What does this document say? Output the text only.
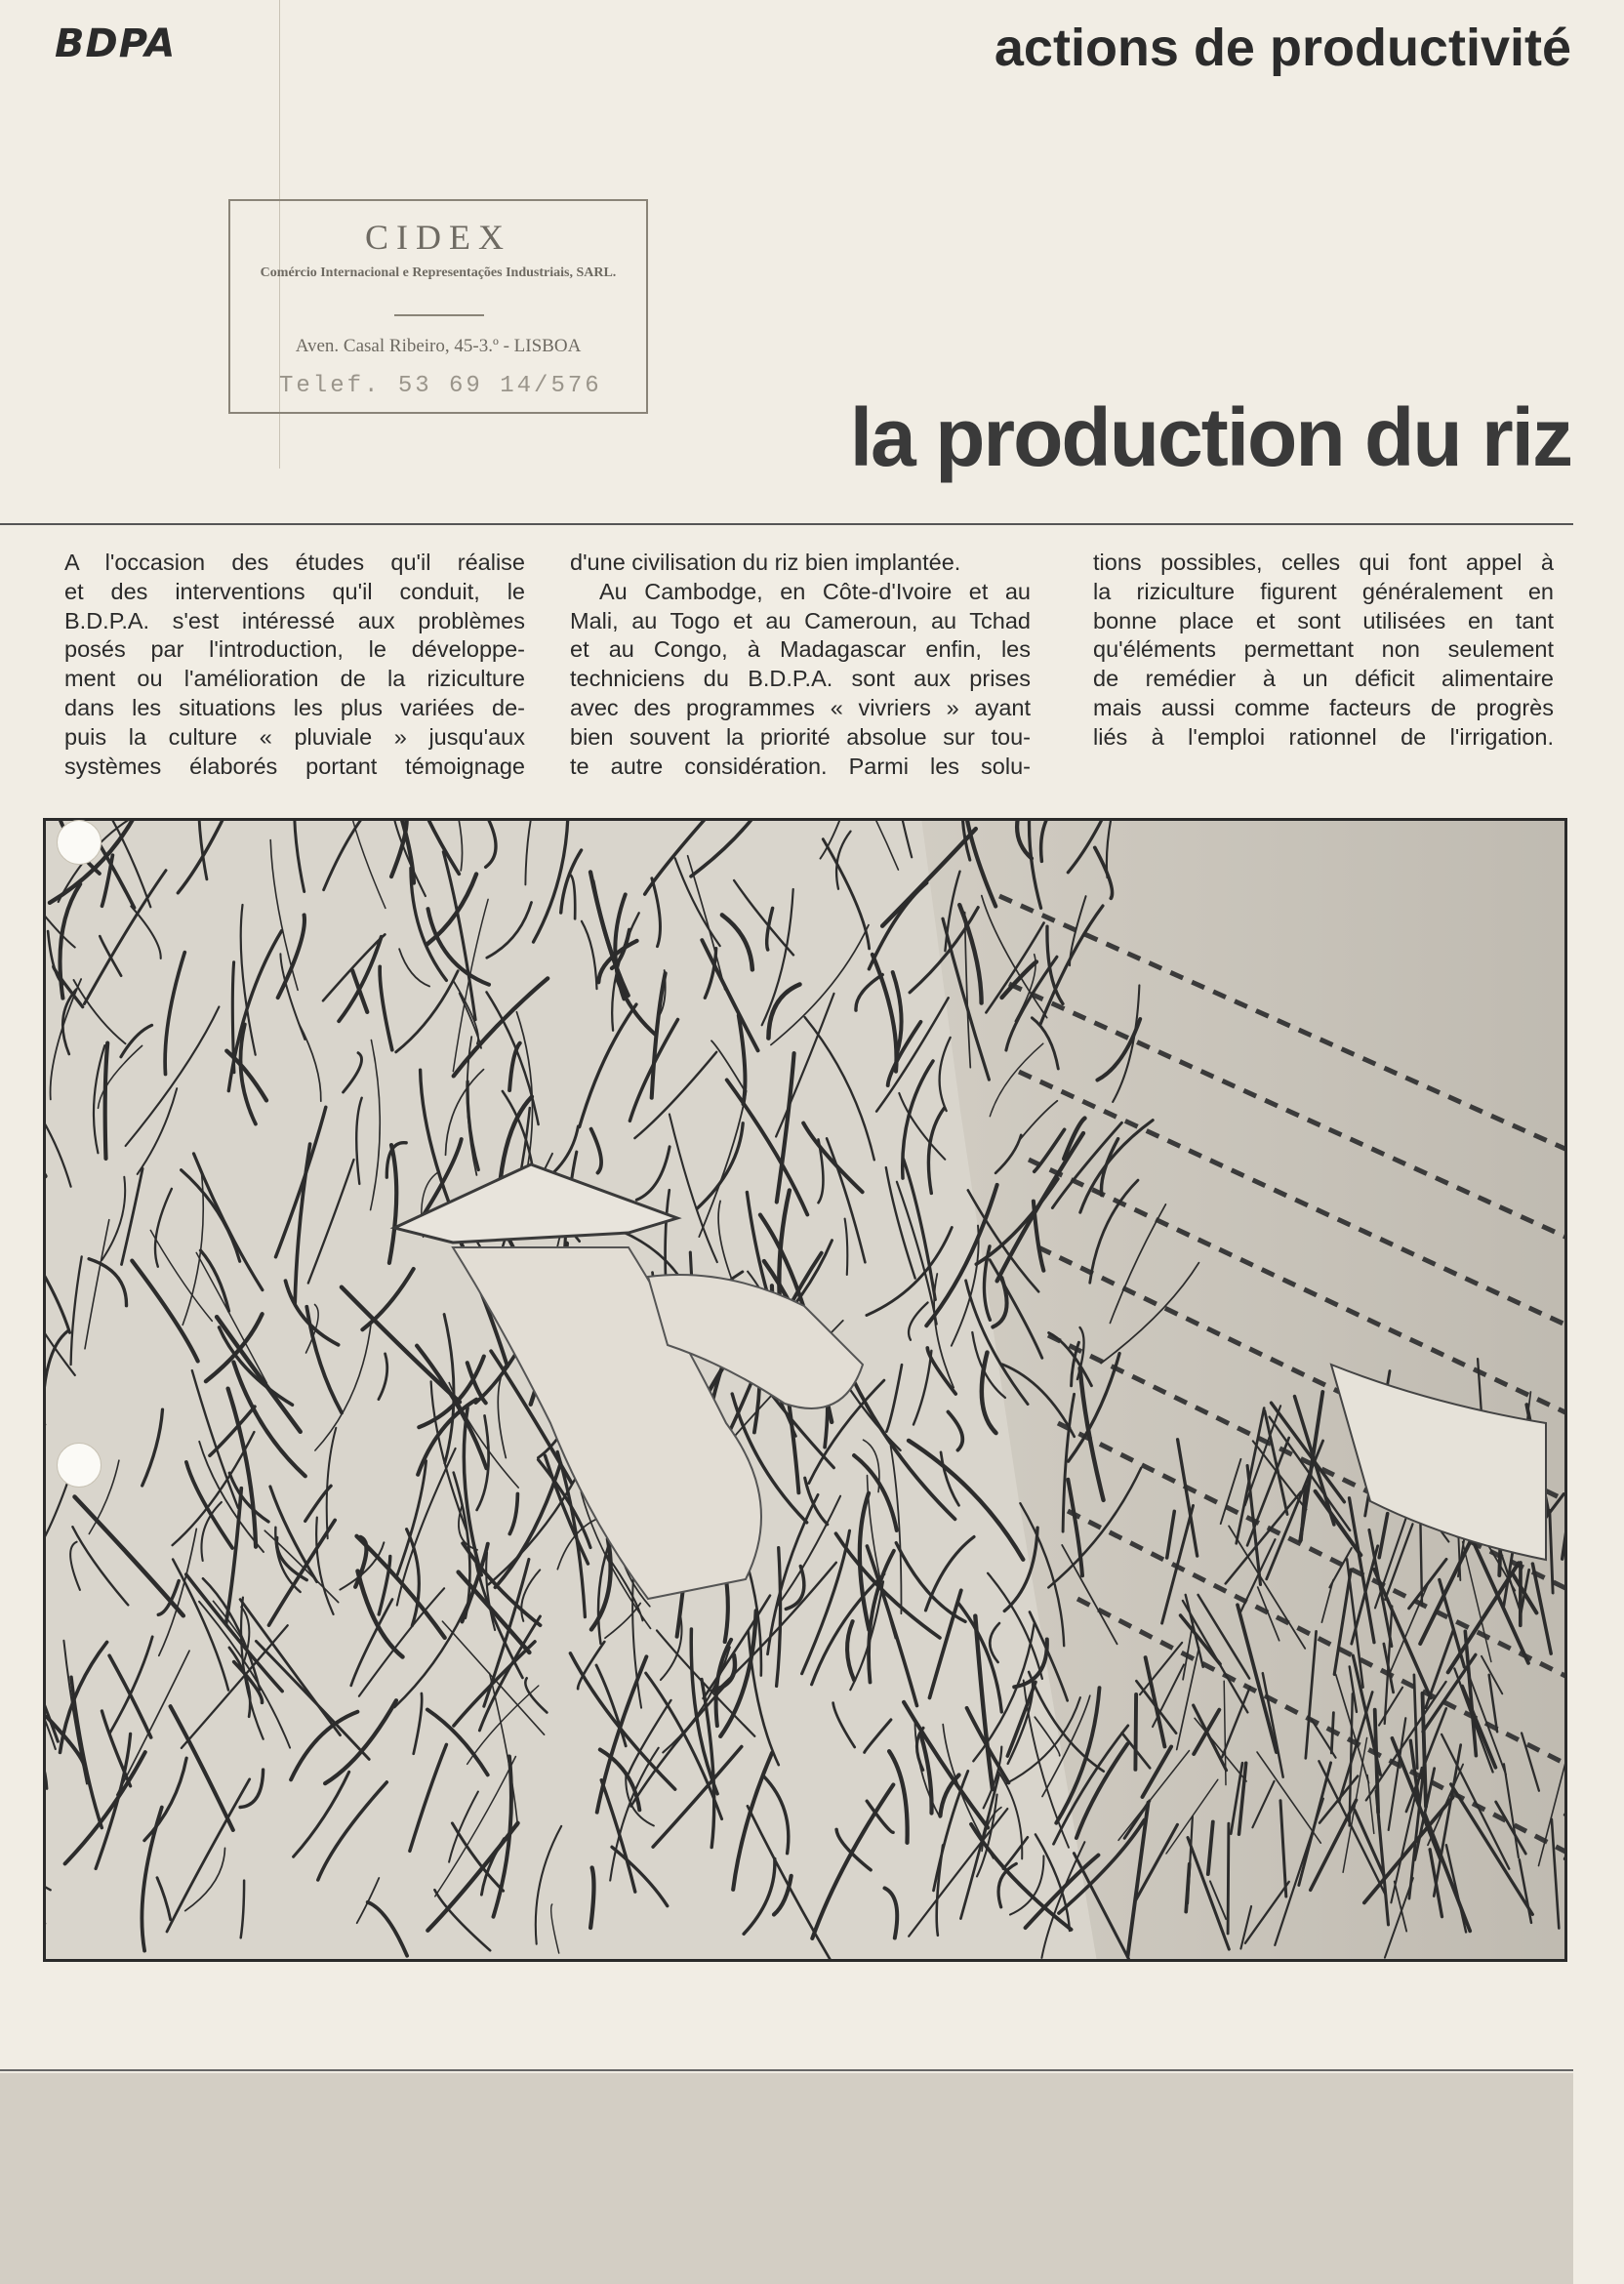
BDPA	actions de productivité
CIDEX
Comércio Internacional e Representações Industriais, SARL.
Aven. Casal Ribeiro, 45-3.º - LISBOA
Telef. 53 69 14/576
la production du riz

A l'occasion des études qu'il réalise

et des interventions qu'il conduit, le

B.D.P.A. s'est intéressé aux problèmes

posés par l'introduction, le développe-

ment ou l'amélioration de la riziculture

dans les situations les plus variées de-

puis la culture « pluviale » jusqu'aux

systèmes élaborés portant témoignage

d'une civilisation du riz bien implantée.

Au Cambodge, en Côte-d'Ivoire et au

Mali, au Togo et au Cameroun, au Tchad

et au Congo, à Madagascar enfin, les

techniciens du B.D.P.A. sont aux prises

avec des programmes « vivriers » ayant

bien souvent la priorité absolue sur tou-

te autre considération. Parmi les solu-

tions possibles, celles qui font appel à

la riziculture figurent généralement en

bonne place et sont utilisées en tant

qu'éléments permettant non seulement

de remédier à un déficit alimentaire

mais aussi comme facteurs de progrès

liés à l'emploi rationnel de l'irrigation.
